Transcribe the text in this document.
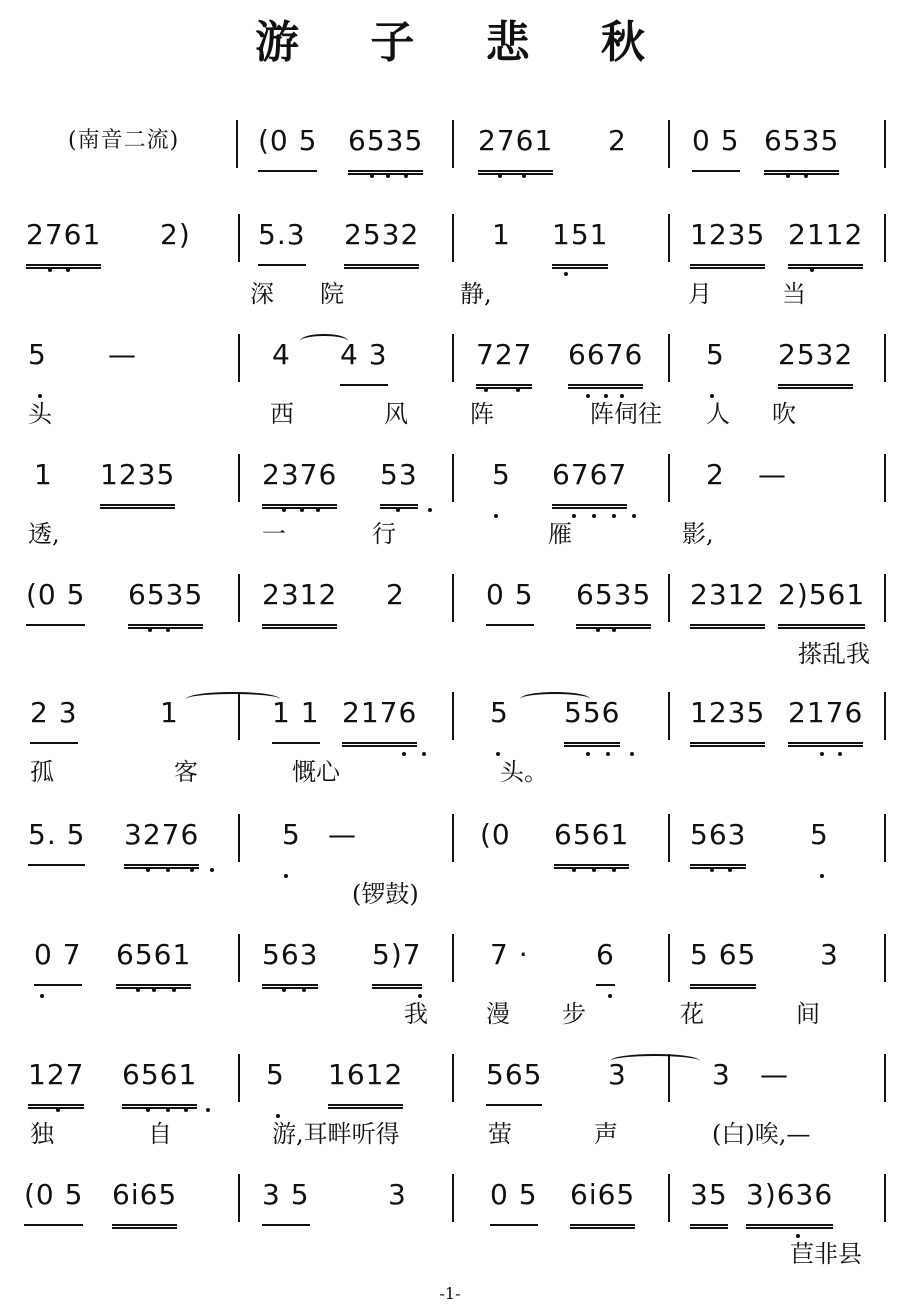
游 子 悲 秋
(南音二流)	(0 5 6535 2761 2 0 5 6535
2761 2) 5.3 2532	1 151	1235 2112
深 院	静,	月	当
5 —	4 4 3	727 6676 5 2532
头	西	风	阵	阵伺往 人 吹
1 1235	2376 53	5 6767	2 —
透,	一	行	雁	影,
(0 5 6535 2312 2	0 5 6535 2312 2)561
搽乱我
2 3	1	1 1 2176	5 556 1235 2176
孤	客	慨心	头。
5. 5 3276	5 —	(0 6561 563 5
(锣鼓)
0 7 6561	563 5)7 7 · 6	5 65 3
我 漫 步	花	间
127 6561 5 1612	565 3	3 —
独	自	游,耳畔听得	萤	声	(白)唉,—
(0 5 6i65	3 5	3	0 5 6i65 35 3)636
苣非县
-1-
